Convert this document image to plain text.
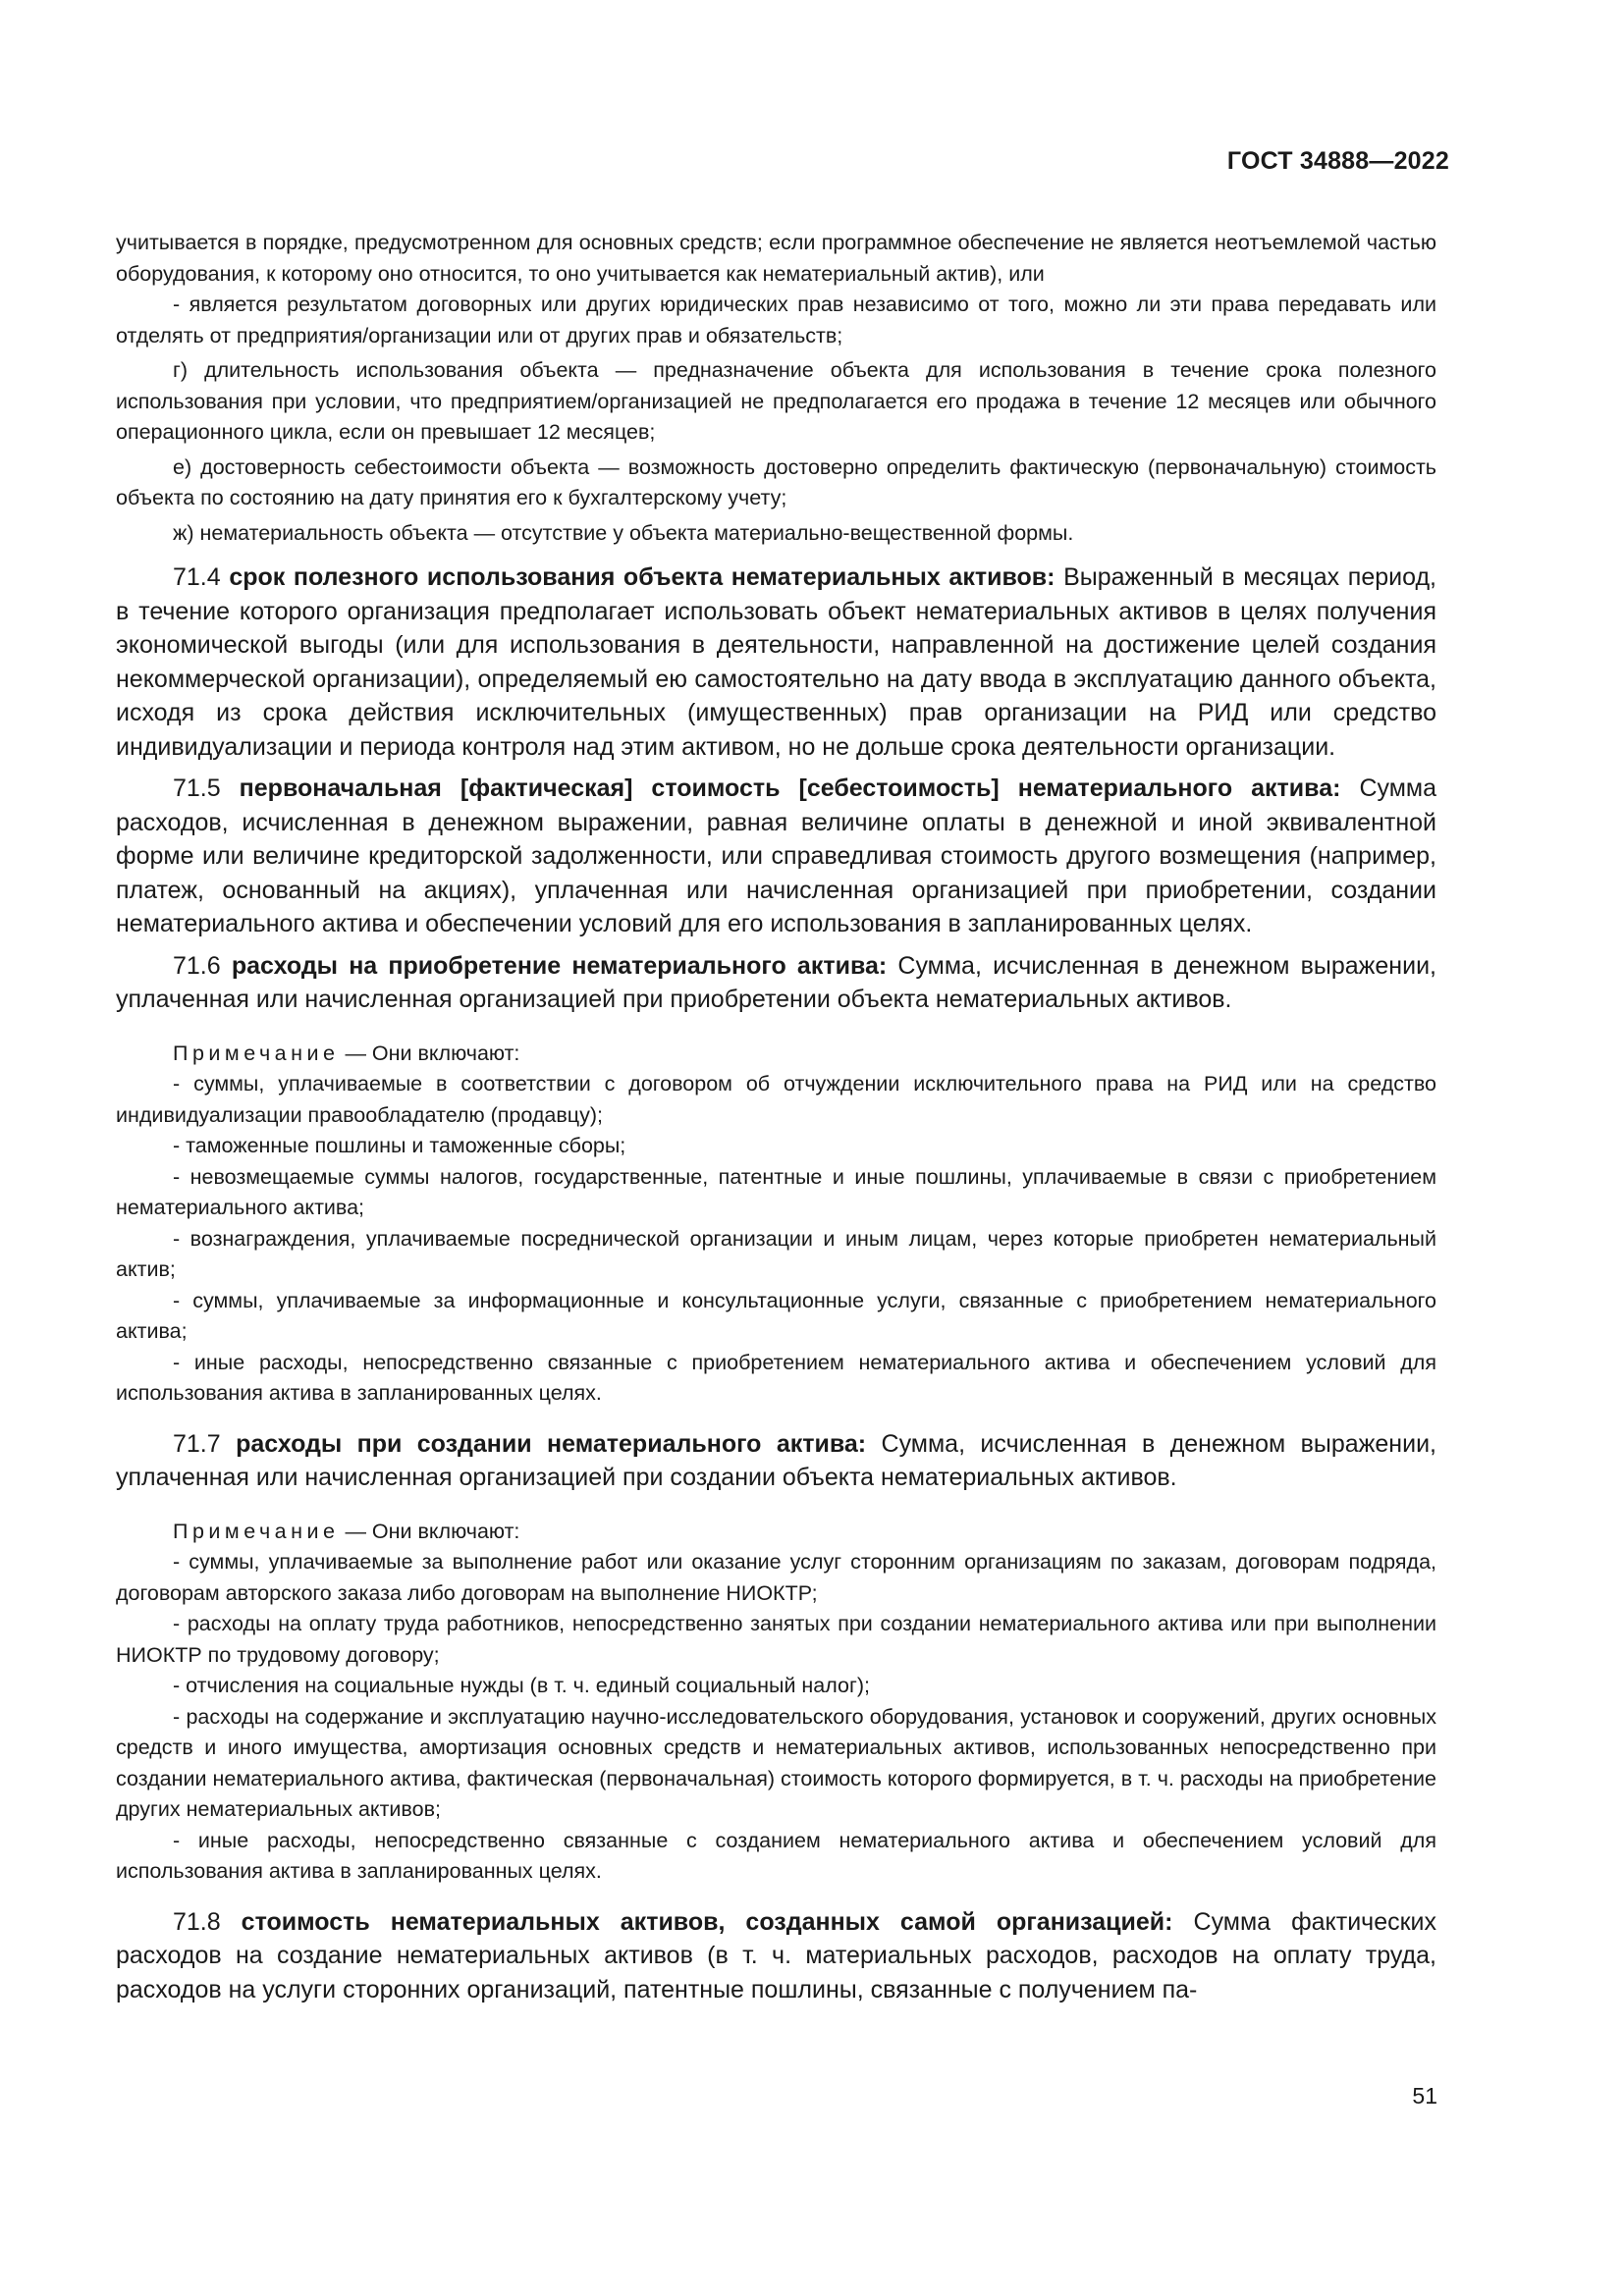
ГОСТ 34888—2022

учитывается в порядке, предусмотренном для основных средств; если программное обеспечение не является неотъемлемой частью оборудования, к которому оно относится, то оно учитывается как нематериальный актив), или

- является результатом договорных или других юридических прав независимо от того, можно ли эти права передавать или отделять от предприятия/организации или от других прав и обязательств;

г) длительность использования объекта — предназначение объекта для использования в течение срока полезного использования при условии, что предприятием/организацией не предполагается его продажа в течение 12 месяцев или обычного операционного цикла, если он превышает 12 месяцев;

е) достоверность себестоимости объекта — возможность достоверно определить фактическую (первоначальную) стоимость объекта по состоянию на дату принятия его к бухгалтерскому учету;

ж) нематериальность объекта — отсутствие у объекта материально-вещественной формы.

71.4 срок полезного использования объекта нематериальных активов: Выраженный в месяцах период, в течение которого организация предполагает использовать объект нематериальных активов в целях получения экономической выгоды (или для использования в деятельности, направленной на достижение целей создания некоммерческой организации), определяемый ею самостоятельно на дату ввода в эксплуатацию данного объекта, исходя из срока действия исключительных (имущественных) прав организации на РИД или средство индивидуализации и периода контроля над этим активом, но не дольше срока деятельности организации.

71.5 первоначальная [фактическая] стоимость [себестоимость] нематериального актива: Сумма расходов, исчисленная в денежном выражении, равная величине оплаты в денежной и иной эквивалентной форме или величине кредиторской задолженности, или справедливая стоимость другого возмещения (например, платеж, основанный на акциях), уплаченная или начисленная организацией при приобретении, создании нематериального актива и обеспечении условий для его использования в запланированных целях.

71.6 расходы на приобретение нематериального актива: Сумма, исчисленная в денежном выражении, уплаченная или начисленная организацией при приобретении объекта нематериальных активов.

Примечание — Они включают:

- суммы, уплачиваемые в соответствии с договором об отчуждении исключительного права на РИД или на средство индивидуализации правообладателю (продавцу);

- таможенные пошлины и таможенные сборы;

- невозмещаемые суммы налогов, государственные, патентные и иные пошлины, уплачиваемые в связи с приобретением нематериального актива;

- вознаграждения, уплачиваемые посреднической организации и иным лицам, через которые приобретен нематериальный актив;

- суммы, уплачиваемые за информационные и консультационные услуги, связанные с приобретением нематериального актива;

- иные расходы, непосредственно связанные с приобретением нематериального актива и обеспечением условий для использования актива в запланированных целях.

71.7 расходы при создании нематериального актива: Сумма, исчисленная в денежном выражении, уплаченная или начисленная организацией при создании объекта нематериальных активов.

Примечание — Они включают:

- суммы, уплачиваемые за выполнение работ или оказание услуг сторонним организациям по заказам, договорам подряда, договорам авторского заказа либо договорам на выполнение НИОКТР;

- расходы на оплату труда работников, непосредственно занятых при создании нематериального актива или при выполнении НИОКТР по трудовому договору;

- отчисления на социальные нужды (в т. ч. единый социальный налог);

- расходы на содержание и эксплуатацию научно-исследовательского оборудования, установок и сооружений, других основных средств и иного имущества, амортизация основных средств и нематериальных активов, использованных непосредственно при создании нематериального актива, фактическая (первоначальная) стоимость которого формируется, в т. ч. расходы на приобретение других нематериальных активов;

- иные расходы, непосредственно связанные с созданием нематериального актива и обеспечением условий для использования актива в запланированных целях.

71.8 стоимость нематериальных активов, созданных самой организацией: Сумма фактических расходов на создание нематериальных активов (в т. ч. материальных расходов, расходов на оплату труда, расходов на услуги сторонних организаций, патентные пошлины, связанные с получением па-

51
